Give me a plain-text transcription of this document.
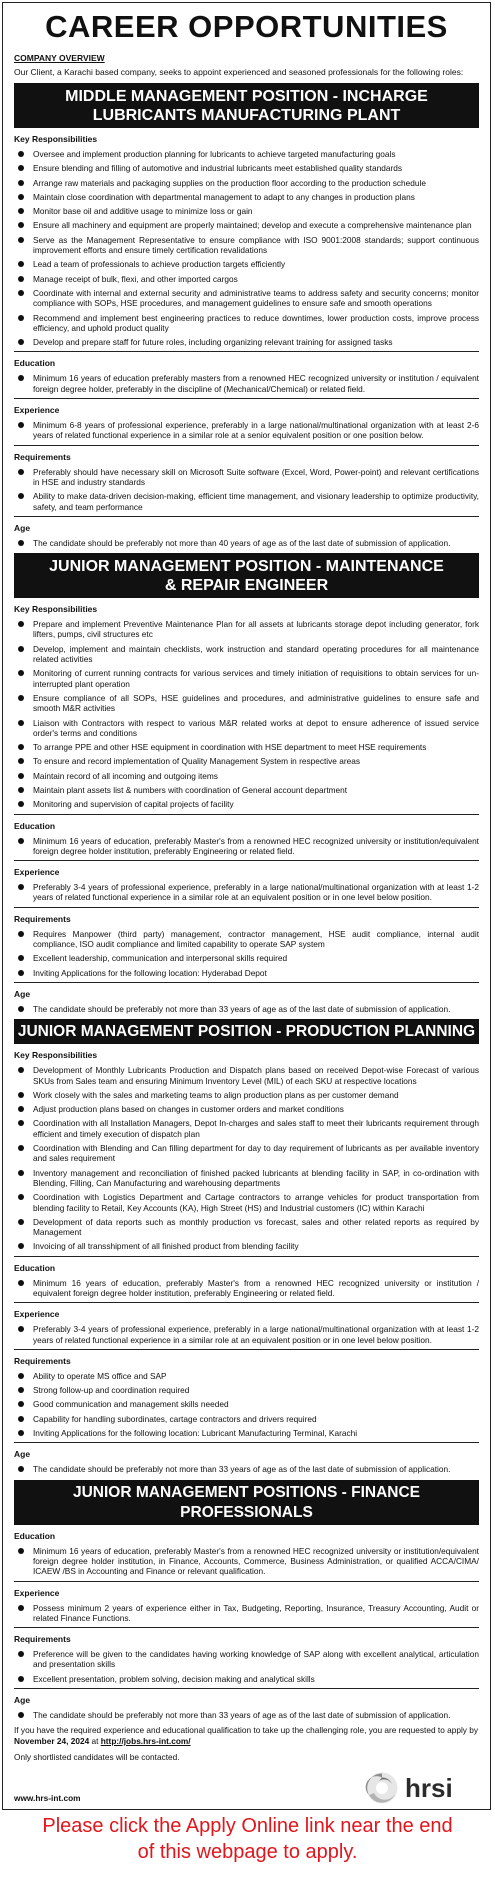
CAREER OPPORTUNITIES
COMPANY OVERVIEW
Our Client, a Karachi based company, seeks to appoint experienced and seasoned professionals for the following roles:
MIDDLE MANAGEMENT POSITION - INCHARGE
LUBRICANTS MANUFACTURING PLANT
Key Responsibilities
Oversee and implement production planning for lubricants to achieve targeted manufacturing goals
Ensure blending and filling of automotive and industrial lubricants meet established quality standards
Arrange raw materials and packaging supplies on the production floor according to the production schedule
Maintain close coordination with departmental management to adapt to any changes in production plans
Monitor base oil and additive usage to minimize loss or gain
Ensure all machinery and equipment are properly maintained; develop and execute a comprehensive maintenance plan
Serve as the Management Representative to ensure compliance with ISO 9001:2008 standards; support continuous improvement efforts and ensure timely certification revalidations
Lead a team of professionals to achieve production targets efficiently
Manage receipt of bulk, flexi, and other imported cargos
Coordinate with internal and external security and administrative teams to address safety and security concerns; monitor compliance with SOPs, HSE procedures, and management guidelines to ensure safe and smooth operations
Recommend and implement best engineering practices to reduce downtimes, lower production costs, improve process efficiency, and uphold product quality
Develop and prepare staff for future roles, including organizing relevant training for assigned tasks
Education
Minimum 16 years of education preferably masters from a renowned HEC recognized university or institution / equivalent foreign degree holder, preferably in the discipline of (Mechanical/Chemical) or related field.
Experience
Minimum 6-8 years of professional experience, preferably in a large national/multinational organization with at least 2-6 years of related functional experience in a similar role at a senior equivalent position or one position below.
Requirements
Preferably should have necessary skill on Microsoft Suite software (Excel, Word, Power-point) and relevant certifications in HSE and industry standards
Ability to make data-driven decision-making, efficient time management, and visionary leadership to optimize productivity, safety, and team performance
Age
The candidate should be preferably not more than 40 years of age as of the last date of submission of application.
JUNIOR MANAGEMENT POSITION - MAINTENANCE
& REPAIR ENGINEER
Key Responsibilities
Prepare and implement Preventive Maintenance Plan for all assets at lubricants storage depot including generator, fork lifters, pumps, civil structures etc
Develop, implement and maintain checklists, work instruction and standard operating procedures for all maintenance related activities
Monitoring of current running contracts for various services and timely initiation of requisitions to obtain services for un-interrupted plant operation
Ensure compliance of all SOPs, HSE guidelines and procedures, and administrative guidelines to ensure safe and smooth M&R activities
Liaison with Contractors with respect to various M&R related works at depot to ensure adherence of issued service order's terms and conditions
To arrange PPE and other HSE equipment in coordination with HSE department to meet HSE requirements
To ensure and record implementation of Quality Management System in respective areas
Maintain record of all incoming and outgoing items
Maintain plant assets list & numbers with coordination of General account department
Monitoring and supervision of capital projects of facility
Education
Minimum 16 years of education, preferably Master's from a renowned HEC recognized university or institution/equivalent foreign degree holder institution, preferably Engineering or related field.
Experience
Preferably 3-4 years of professional experience, preferably in a large national/multinational organization with at least 1-2 years of related functional experience in a similar role at an equivalent position or in one level below position.
Requirements
Requires Manpower (third party) management, contractor management, HSE audit compliance, internal audit compliance, ISO audit compliance and limited capability to operate SAP system
Excellent leadership, communication and interpersonal skills required
Inviting Applications for the following location: Hyderabad Depot
Age
The candidate should be preferably not more than 33 years of age as of the last date of submission of application.
JUNIOR MANAGEMENT POSITION - PRODUCTION PLANNING
Key Responsibilities
Development of Monthly Lubricants Production and Dispatch plans based on received Depot-wise Forecast of various SKUs from Sales team and ensuring Minimum Inventory Level (MIL) of each SKU at respective locations
Work closely with the sales and marketing teams to align production plans as per customer demand
Adjust production plans based on changes in customer orders and market conditions
Coordination with all Installation Managers, Depot In-charges and sales staff to meet their lubricants requirement through efficient and timely execution of dispatch plan
Coordination with Blending and Can filling department for day to day requirement of lubricants as per available inventory and sales requirement
Inventory management and reconciliation of finished packed lubricants at blending facility in SAP, in co-ordination with Blending, Filling, Can Manufacturing and warehousing departments
Coordination with Logistics Department and Cartage contractors to arrange vehicles for product transportation from blending facility to Retail, Key Accounts (KA), High Street (HS) and Industrial customers (IC) within Karachi
Development of data reports such as monthly production vs forecast, sales and other related reports as required by Management
Invoicing of all transshipment of all finished product from blending facility
Education
Minimum 16 years of education, preferably Master's from a renowned HEC recognized university or institution / equivalent foreign degree holder institution, preferably Engineering or related field.
Experience
Preferably 3-4 years of professional experience, preferably in a large national/multinational organization with at least 1-2 years of related functional experience in a similar role at an equivalent position or in one level below position.
Requirements
Ability to operate MS office and SAP
Strong follow-up and coordination required
Good communication and management skills needed
Capability for handling subordinates, cartage contractors and drivers required
Inviting Applications for the following location: Lubricant Manufacturing Terminal, Karachi
Age
The candidate should be preferably not more than 33 years of age as of the last date of submission of application.
JUNIOR MANAGEMENT POSITIONS - FINANCE PROFESSIONALS
Education
Minimum 16 years of education, preferably Master's from a renowned HEC recognized university or institution/equivalent foreign degree holder institution, in Finance, Accounts, Commerce, Business Administration, or qualified ACCA/CIMA/ ICAEW /BS in Accounting and Finance or relevant qualification.
Experience
Possess minimum 2 years of experience either in Tax, Budgeting, Reporting, Insurance, Treasury Accounting, Audit or related Finance Functions.
Requirements
Preference will be given to the candidates having working knowledge of SAP along with excellent analytical, articulation and presentation skills
Excellent presentation, problem solving, decision making and analytical skills
Age
The candidate should be preferably not more than 33 years of age as of the last date of submission of application.
If you have the required experience and educational qualification to take up the challenging role, you are requested to apply by November 24, 2024 at http://jobs.hrs-int.com/
Only shortlisted candidates will be contacted.
www.hrs-int.com	hrsi
Please click the Apply Online link near the end
of this webpage to apply.
